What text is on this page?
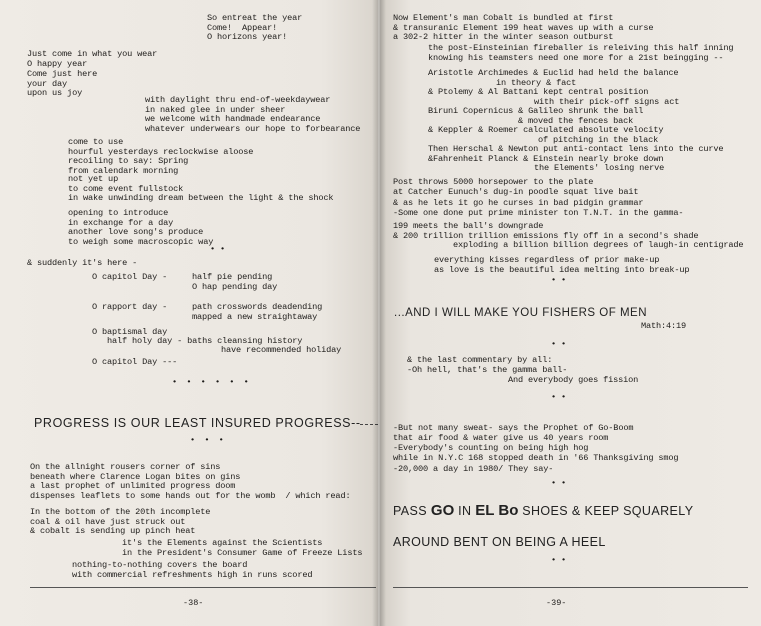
So entreat the year
Come!  Appear!
O horizons year!
Just come in what you wear
O happy year
Come just here
your day
upon us joy
with daylight thru end-of-weekdaywear
in naked glee in under sheer
we welcome with handmade endearance
whatever underwears our hope to forbearance
come to use
hourful yesterdays reclockwise aloose
recoiling to say: Spring
from calendark morning
not yet up
to come event fullstock
in wake unwinding dream between the light & the shock
opening to introduce
in exchange for a day
another love song's produce
to weigh some macroscopic way
• •
& suddenly it's here -
O capitol Day -	half pie pending
O hap pending day
O rapport day -	path crosswords deadending
mapped a new straightaway
O baptismal day
half holy day - baths cleansing history
have recommended holiday
O capitol Day ---
• • • • • •
PROGRESS IS OUR LEAST INSURED PROGRESS--
• • •
On the allnight rousers corner of sins
beneath where Clarence Logan bites on gins
a last prophet of unlimited progress doom
dispenses leaflets to some hands out for the womb  / which read:
In the bottom of the 20th incomplete
coal & oil have just struck out
& cobalt is sending up pinch heat
it's the Elements against the Scientists
in the President's Consumer Game of Freeze Lists
nothing-to-nothing covers the board
with commercial refreshments high in runs scored
-38-
Now Element's man Cobalt is bundled at first
& transuranic Element 199 heat waves up with a curse
a 302-2 hitter in the winter season outburst
the post-Einsteinian fireballer is releiving this half inning
knowing his teamsters need one more for a 21st beingging --
Aristotle Archimedes & Euclid had held the balance
in theory & fact
& Ptolemy & Al Battani kept central position
with their pick-off signs act
Biruni Copernicus & Galileo shrunk the ball
& moved the fences back
& Keppler & Roemer calculated absolute velocity
of pitching in the black
Then Herschal & Newton put anti-contact lens into the curve
&Fahrenheit Planck & Einstein nearly broke down
the Elements' losing nerve
Post throws 5000 horsepower to the plate
at Catcher Eunuch's dug-in poodle squat live bait
& as he lets it go he curses in bad pidgin grammar
-Some one done put prime minister ton T.N.T. in the gamma-
199 meets the ball's downgrade
& 200 trillion trillion emissions fly off in a second's shade
exploding a billion billion degrees of laugh-in centigrade
everything kisses regardless of prior make-up
as love is the beautiful idea melting into break-up
• •
...AND I WILL MAKE YOU FISHERS OF MEN
Math:4:19
• •
& the last commentary by all:
-Oh hell, that's the gamma ball-
And everybody goes fission
• •
-But not many sweat- says the Prophet of Go-Boom
that air food & water give us 40 years room
-Everybody's counting on being high hog
while in N.Y.C 168 stopped death in '66 Thanksgiving smog
-20,000 a day in 1980/ They say-
• •
PASS GO IN EL Bo SHOES & KEEP SQUARELY
AROUND BENT ON BEING A HEEL
• •
-39-
